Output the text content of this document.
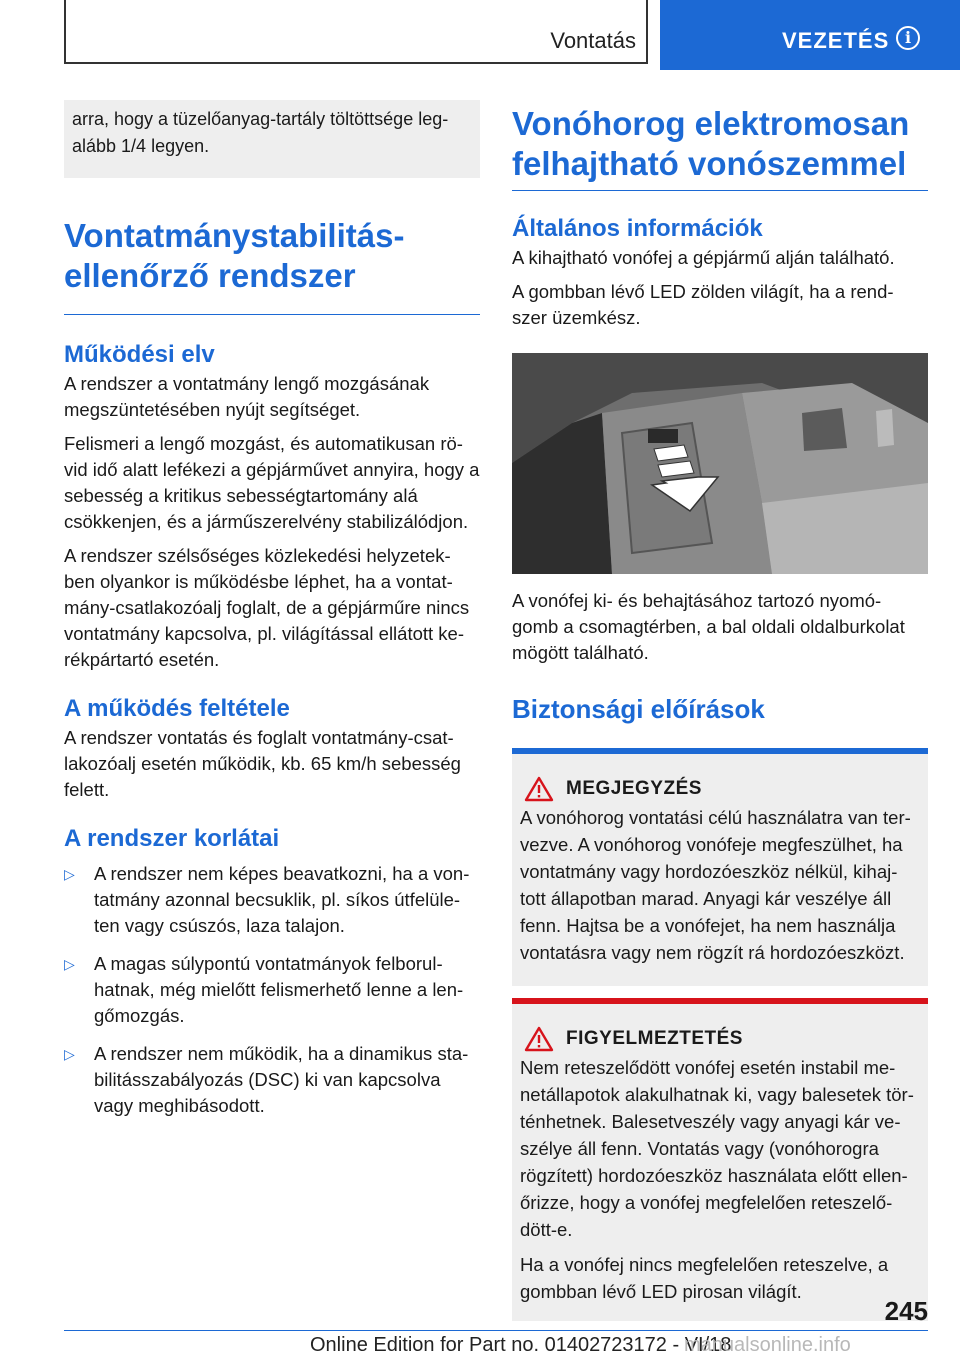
Vontatás	VEZETÉS i
arra, hogy a tüzelőanyag-tartály töltöttsége leg‐ alább 1/4 legyen.
Vontatmánystabilitás- ellenőrző rendszer
Működési elv

A rendszer a vontatmány lengő mozgásának megszüntetésében nyújt segítséget.

Felismeri a lengő mozgást, és automatikusan rö‐ vid idő alatt lefékezi a gépjárművet annyira, hogy a sebesség a kritikus sebességtartomány alá csökkenjen, és a járműszerelvény stabilizálódjon.

A rendszer szélsőséges közlekedési helyzetek‐ ben olyankor is működésbe léphet, ha a vontat‐ mány-csatlakozóalj foglalt, de a gépjárműre nincs vontatmány kapcsolva, pl. világítással ellátott ke‐ rékpártartó esetén.

A működés feltétele

A rendszer vontatás és foglalt vontatmány-csat‐ lakozóalj esetén működik, kb. 65 km/h sebesség felett.

A rendszer korlátai
▷ A rendszer nem képes beavatkozni, ha a von‐ tatmány azonnal becsuklik, pl. síkos útfelüle‐ ten vagy csúszós, laza talajon.
▷ A magas súlypontú vontatmányok felborul‐ hatnak, még mielőtt felismerhető lenne a len‐ gőmozgás.
▷ A rendszer nem működik, ha a dinamikus sta‐ bilitásszabályozás (DSC) ki van kapcsolva vagy meghibásodott.
Vonóhorog elektromosan felhajtható vonószemmel
Általános információk

A kihajtható vonófej a gépjármű alján található.

A gombban lévő LED zölden világít, ha a rend‐ szer üzemkész.

A vonófej ki- és behajtásához tartozó nyomó‐ gomb a csomagtérben, a bal oldali oldalburkolat mögött található.

Biztonsági előírások
MEGJEGYZÉS

A vonóhorog vontatási célú használatra van ter‐ vezve. A vonóhorog vonófeje megfeszülhet, ha vontatmány vagy hordozóeszköz nélkül, kihaj‐ tott állapotban marad. Anyagi kár veszélye áll fenn. Hajtsa be a vonófejet, ha nem használja vontatásra vagy nem rögzít rá hordozóeszközt.

FIGYELMEZTETÉS

Nem reteszelődött vonófej esetén instabil me‐ netállapotok alakulhatnak ki, vagy balesetek tör‐ ténhetnek. Balesetveszély vagy anyagi kár ve‐ szélye áll fenn. Vontatás vagy (vonóhorogra rögzített) hordozóeszköz használata előtt ellen‐ őrizze, hogy a vonófej megfelelően reteszelő‐ dött-e.

Ha a vonófej nincs megfelelően reteszelve, a gombban lévő LED pirosan világít.

245
Online Edition for Part no. 01402723172 - VI/18
manualsonline.info
